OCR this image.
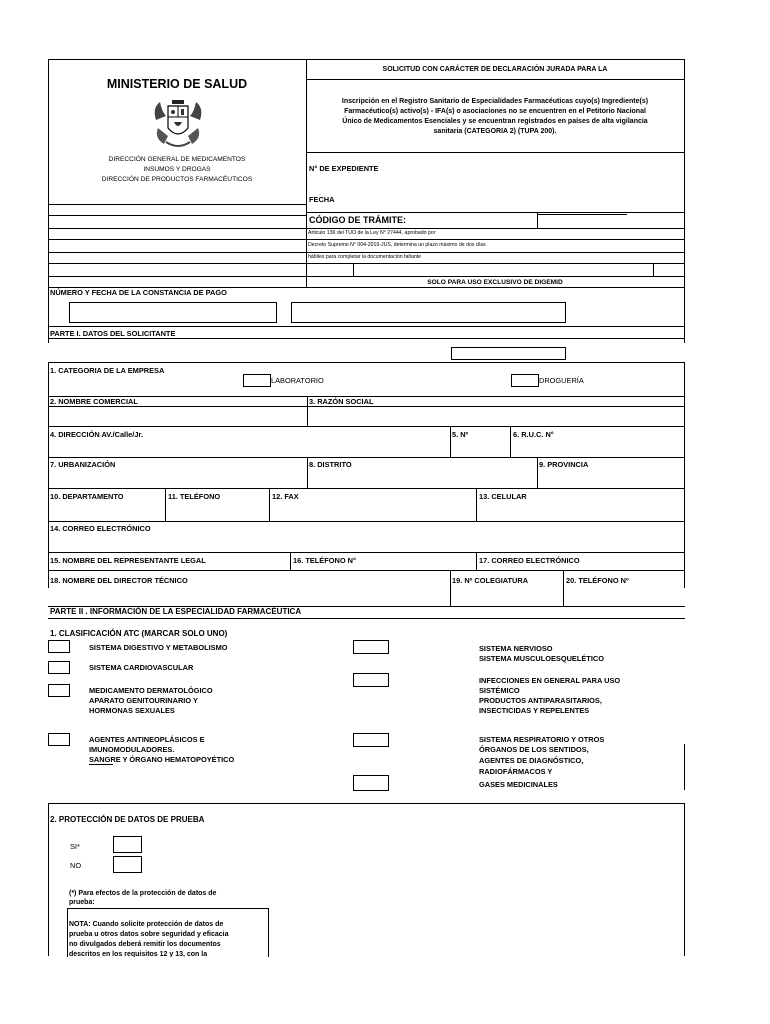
MINISTERIO DE SALUD
DIRECCIÓN GENERAL DE MEDICAMENTOS
INSUMOS Y DROGAS
DIRECCIÓN DE PRODUCTOS FARMACÉUTICOS
SOLICITUD CON CARÁCTER DE DECLARACIÓN JURADA PARA LA
Inscripción en el Registro Sanitario de Especialidades Farmacéuticas cuyo(s) Ingrediente(s)
Farmacéutico(s) activo(s) - IFA(s) o asociaciones no se encuentren en el Petitorio Nacional
Único de Medicamentos Esenciales y se encuentran registrados en países de alta vigilancia
sanitaria (CATEGORIA 2) (TUPA 200).
N° DE EXPEDIENTE
FECHA
CÓDIGO DE TRÁMITE:
Articulo 136 del TUO de la Ley N° 27444, aprobado por
Decreto Supremo N° 004-2019-JUS, determina un plazo máximo de dos días
hábiles para completar la documentación faltante
SOLO PARA USO EXCLUSIVO DE DIGEMID
NÚMERO Y FECHA DE LA CONSTANCIA DE PAGO
PARTE I. DATOS DEL SOLICITANTE
1. CATEGORIA DE LA EMPRESA
LABORATORIO	DROGUERÍA
2. NOMBRE COMERCIAL	3. RAZÓN SOCIAL
4. DIRECCIÓN AV./Calle/Jr.	5. Nº	6. R.U.C. N°
7. URBANIZACIÓN	8. DISTRITO	9. PROVINCIA
10. DEPARTAMENTO	11. TELÉFONO	12. FAX	13. CELULAR
14. CORREO ELECTRÓNICO
15. NOMBRE DEL REPRESENTANTE LEGAL	16. TELÉFONO N°	17. CORREO ELECTRÓNICO
18. NOMBRE DEL DIRECTOR TÉCNICO	19. Nº COLEGIATURA	20. TELÉFONO Nº
PARTE II . INFORMACIÓN DE LA ESPECIALIDAD FARMACÉUTICA
1. CLASIFICACIÓN ATC (MARCAR SOLO UNO)
SISTEMA DIGESTIVO Y METABOLISMO
SISTEMA CARDIOVASCULAR
MEDICAMENTO DERMATOLÓGICO
APARATO GENITOURINARIO Y
HORMONAS SEXUALES
AGENTES ANTINEOPLÁSICOS E
IMUNOMODULADORES.
SANGRE Y ÓRGANO HEMATOPOYÉTICO
SISTEMA NERVIOSO
SISTEMA MUSCULOESQUELÉTICO
INFECCIONES EN GENERAL PARA USO
SISTÉMICO
PRODUCTOS ANTIPARASITARIOS,
INSECTICIDAS Y REPELENTES
SISTEMA RESPIRATORIO Y OTROS
ÓRGANOS DE LOS SENTIDOS,
AGENTES DE DIAGNÓSTICO,
RADIOFÁRMACOS Y
GASES MEDICINALES
2. PROTECCIÓN DE DATOS DE PRUEBA
SI*
NO
(*) Para efectos de la protección de datos de
prueba:
NOTA: Cuando solicite protección de datos de
prueba u otros datos sobre seguridad y eficacia
no divulgados deberá remitir los documentos
descritos en los requisitos 12 y 13, con la
